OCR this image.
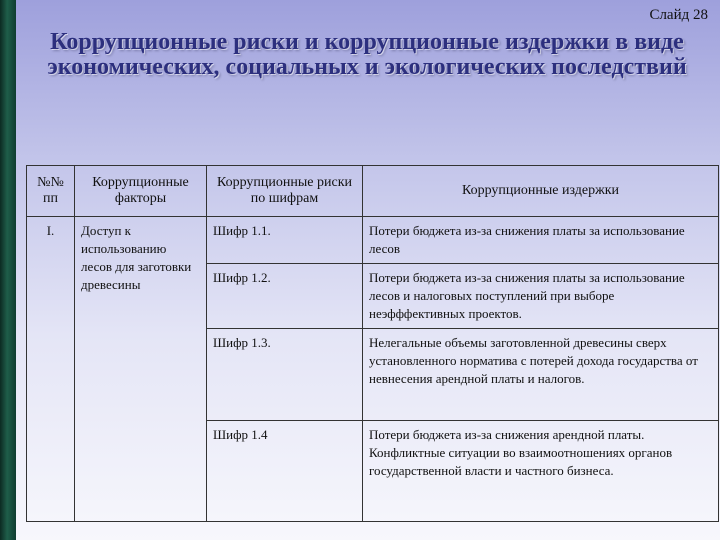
Слайд 28
Коррупционные риски и коррупционные издержки в виде экономических, социальных и экологических последствий
№№ пп	Коррупционные факторы	Коррупционные риски по шифрам	Коррупционные издержки
I.	Доступ к использованию лесов для заготовки древесины	Шифр 1.1.	Потери бюджета из-за снижения платы за использование лесов
		Шифр 1.2.	Потери бюджета из-за снижения платы за использование лесов и налоговых поступлений при выборе неэфффективных проектов.
		Шифр 1.3.	Нелегальные объемы заготовленной древесины сверх установленного норматива с потерей дохода государства от невнесения арендной платы и налогов.
		Шифр 1.4	Потери бюджета из-за снижения арендной платы.
Конфликтные ситуации во взаимоотношениях органов государственной власти и частного бизнеса.
